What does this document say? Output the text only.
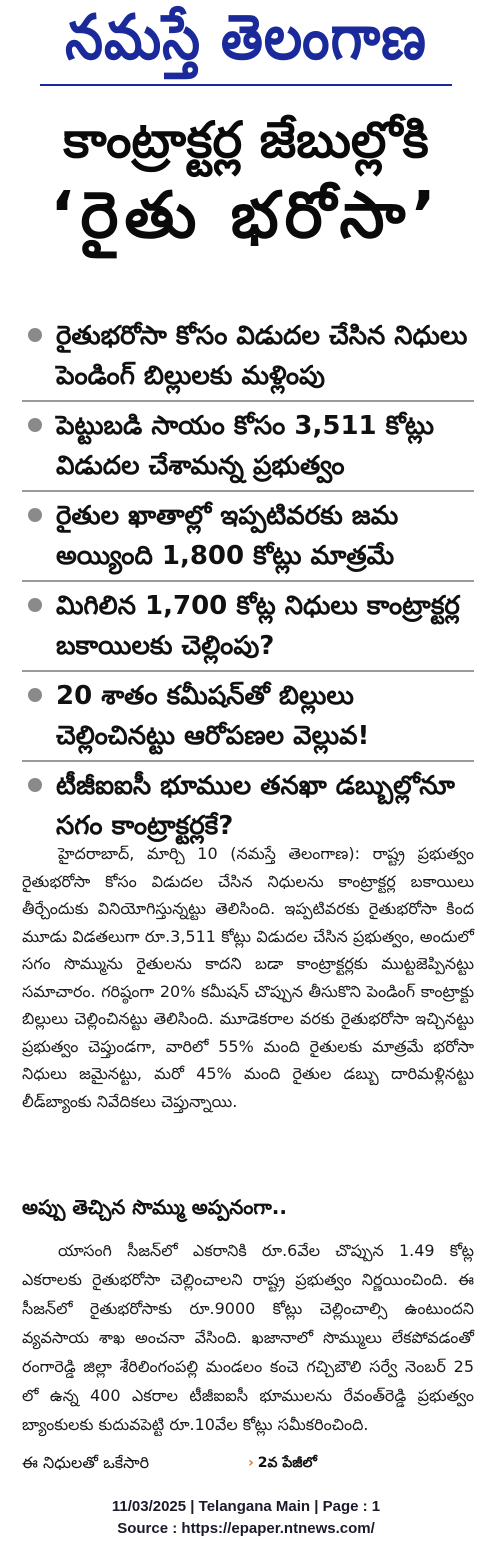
నమస్తే తెలంగాణ
కాంట్రాక్టర్ల జేబుల్లోకి
‘రైతు భరోసా’
రైతుభరోసా కోసం విడుదల చేసిన నిధులు పెండింగ్ బిల్లులకు మళ్లింపు
పెట్టుబడి సాయం కోసం 3,511 కోట్లు విడుదల చేశామన్న ప్రభుత్వం
రైతుల ఖాతాల్లో ఇప్పటివరకు జమ అయ్యింది 1,800 కోట్లు మాత్రమే
మిగిలిన 1,700 కోట్ల నిధులు కాంట్రాక్టర్ల బకాయిలకు చెల్లింపు?
20 శాతం కమీషన్‌తో బిల్లులు చెల్లించినట్టు ఆరోపణల వెల్లువ!
టీజీఐఐసీ భూముల తనఖా డబ్బుల్లోనూ సగం కాంట్రాక్టర్లకే?

హైదరాబాద్, మార్చి 10 (నమస్తే తెలంగాణ): రాష్ట్ర ప్రభుత్వం రైతుభరోసా కోసం విడుదల చేసిన నిధులను కాంట్రాక్టర్ల బకాయిలు తీర్చేందుకు వినియోగిస్తున్నట్టు తెలిసింది. ఇప్పటివరకు రైతుభరోసా కింద మూడు విడతలుగా రూ.3,511 కోట్లు విడుదల చేసిన ప్రభుత్వం, అందులో సగం సొమ్మును రైతులను కాదని బడా కాంట్రాక్టర్లకు ముట్టజెప్పినట్టు సమాచారం. గరిష్ఠంగా 20% కమీషన్ చొప్పున తీసుకొని పెండింగ్ కాంట్రాక్టు బిల్లులు చెల్లించినట్టు తెలిసింది. మూడెకరాల వరకు రైతుభరోసా ఇచ్చినట్టు ప్రభుత్వం చెప్తుండగా, వారిలో 55% మంది రైతులకు మాత్రమే భరోసా నిధులు జమైనట్టు, మరో 45% మంది రైతుల డబ్బు దారిమళ్లినట్టు లీడ్‌బ్యాంకు నివేదికలు చెప్తున్నాయి.

అప్పు తెచ్చిన సొమ్ము అప్పనంగా..

యాసంగి సీజన్‌లో ఎకరానికి రూ.6వేల చొప్పున 1.49 కోట్ల ఎకరాలకు రైతుభరోసా చెల్లించాలని రాష్ట్ర ప్రభుత్వం నిర్ణయించింది. ఈ సీజన్‌లో రైతుభరోసాకు రూ.9000 కోట్లు చెల్లించాల్సి ఉంటుందని వ్యవసాయ శాఖ అంచనా వేసింది. ఖజానాలో సొమ్ములు లేకపోవడంతో రంగారెడ్డి జిల్లా శేరిలింగంపల్లి మండలం కంచె గచ్చిబౌలి సర్వే నెంబర్ 25 లో ఉన్న 400 ఎకరాల టీజీఐఐసీ భూములను రేవంత్‌రెడ్డి ప్రభుత్వం బ్యాంకులకు కుదువపెట్టి రూ.10వేల కోట్లు సమీకరించింది.

ఈ నిధులతో ఒకేసారి	› 2వ పేజీలో
11/03/2025 | Telangana Main | Page : 1
Source : https://epaper.ntnews.com/
